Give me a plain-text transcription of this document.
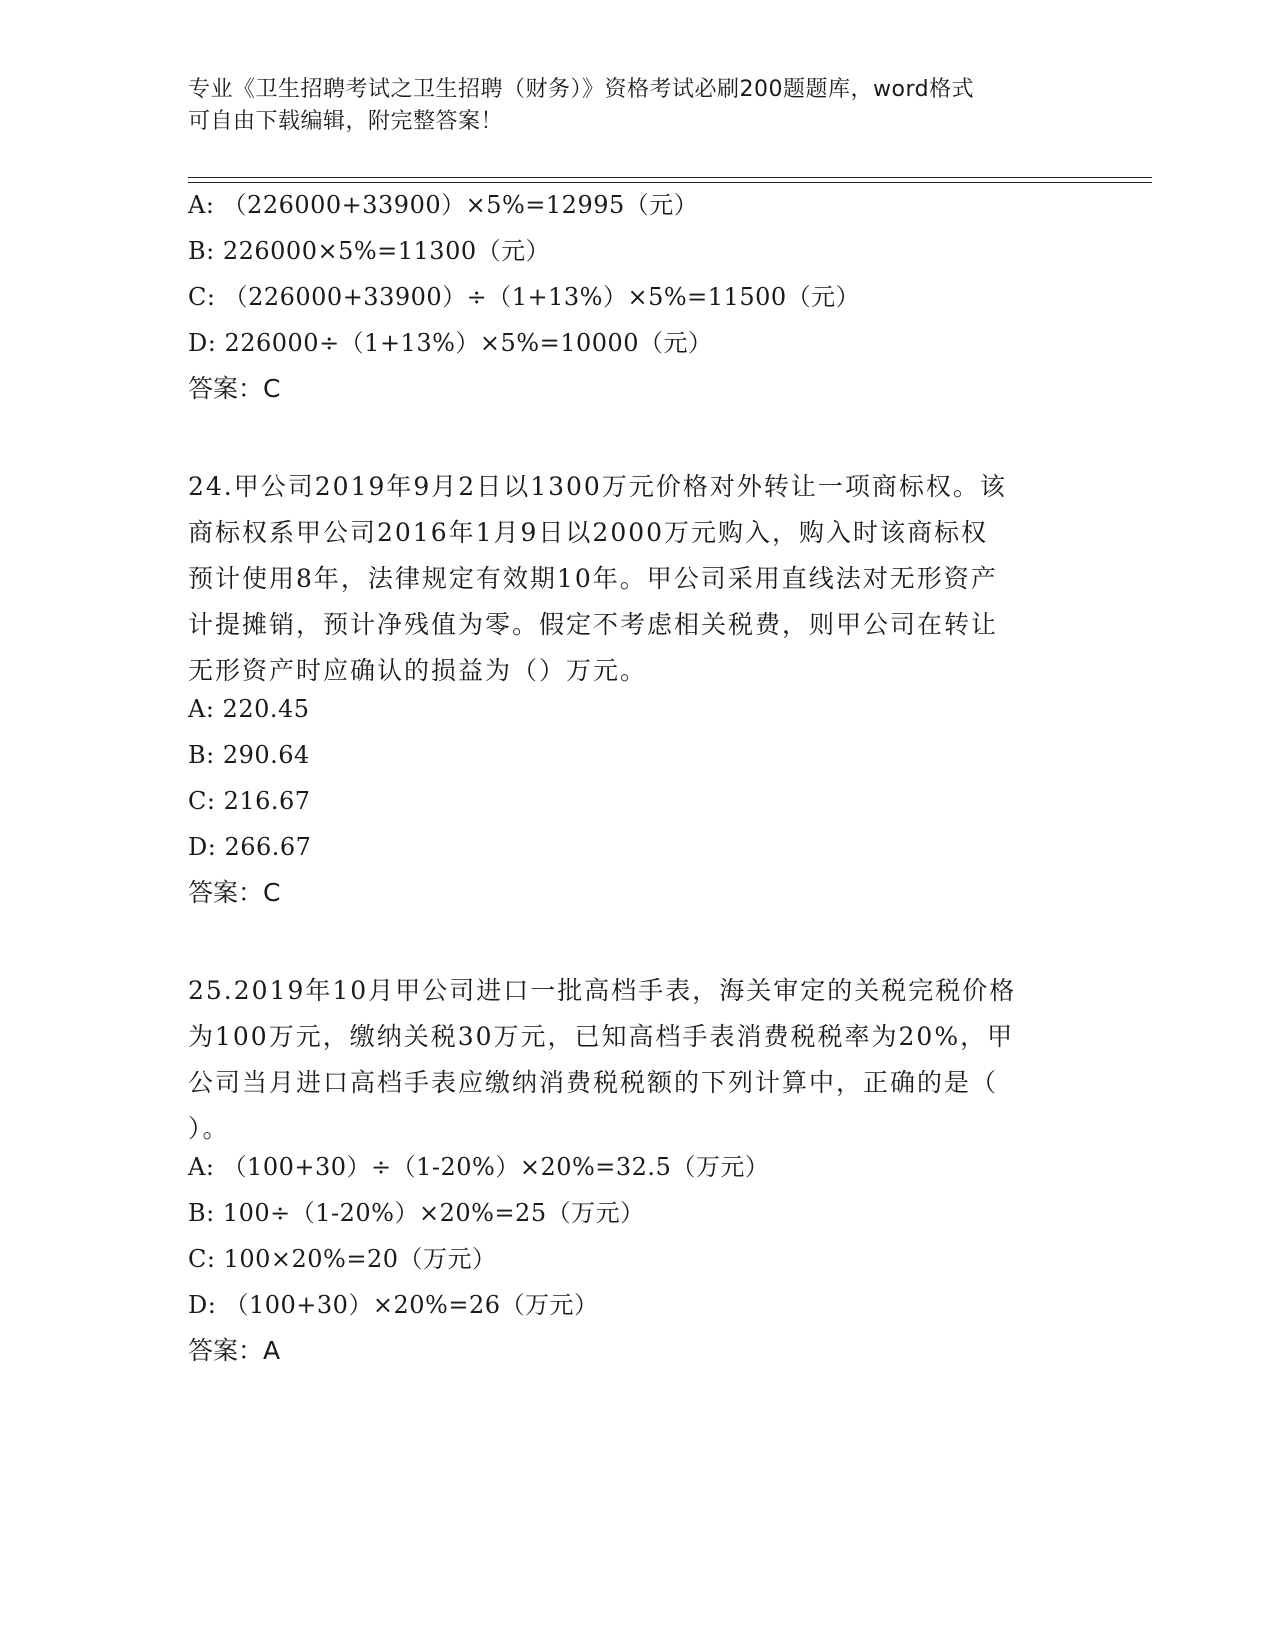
专业《卫生招聘考试之卫生招聘（财务）》资格考试必刷200题题库，word格式
可自由下载编辑，附完整答案！
A: （226000+33900）×5%=12995（元）
B: 226000×5%=11300（元）
C: （226000+33900）÷（1+13%）×5%=11500（元）
D: 226000÷（1+13%）×5%=10000（元）
答案：C
24.甲公司2019年9月2日以1300万元价格对外转让一项商标权。该
商标权系甲公司2016年1月9日以2000万元购入，购入时该商标权
预计使用8年，法律规定有效期10年。甲公司采用直线法对无形资产
计提摊销，预计净残值为零。假定不考虑相关税费，则甲公司在转让
无形资产时应确认的损益为（）万元。
A: 220.45
B: 290.64
C: 216.67
D: 266.67
答案：C
25.2019年10月甲公司进口一批高档手表，海关审定的关税完税价格
为100万元，缴纳关税30万元，已知高档手表消费税税率为20%，甲
公司当月进口高档手表应缴纳消费税税额的下列计算中，正确的是（
）。
A: （100+30）÷（1-20%）×20%=32.5（万元）
B: 100÷（1-20%）×20%=25（万元）
C: 100×20%=20（万元）
D: （100+30）×20%=26（万元）
答案：A
